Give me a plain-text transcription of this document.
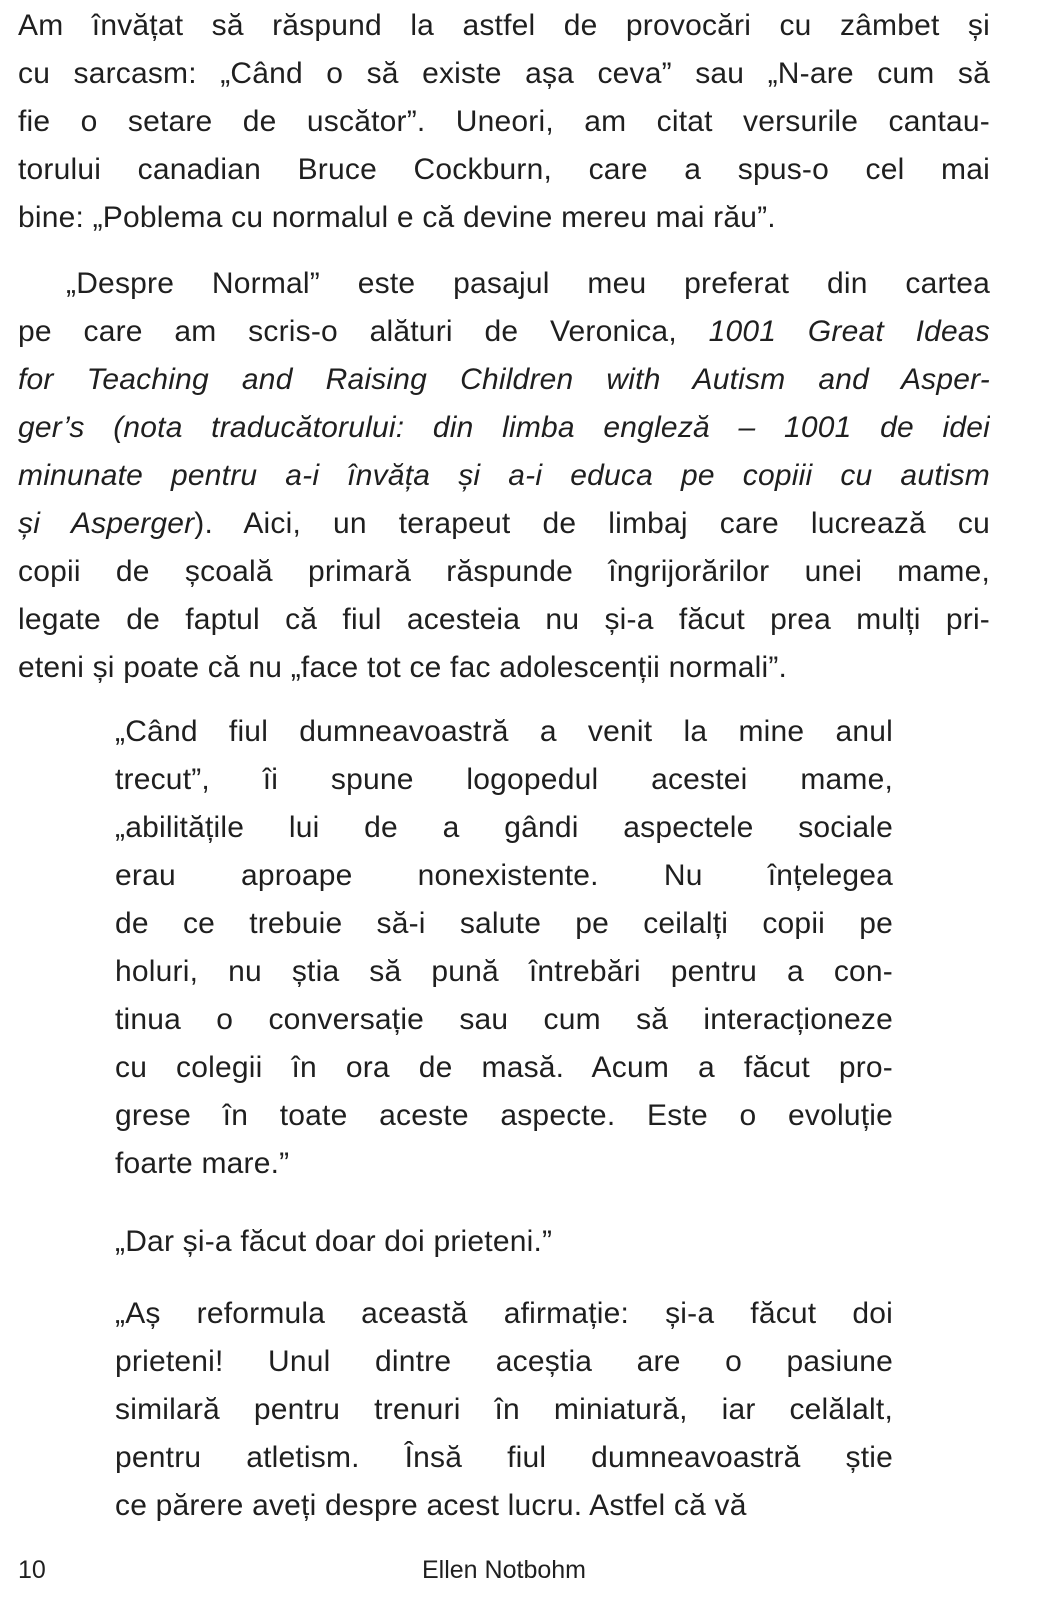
Am învățat să răspund la astfel de provocări cu zâmbet și
cu sarcasm: „Când o să existe așa ceva” sau „N-are cum să
fie o setare de uscător”. Uneori, am citat versurile cantau-
torului canadian Bruce Cockburn, care a spus-o cel mai
bine: „Poblema cu normalul e că devine mereu mai rău”.
„Despre Normal” este pasajul meu preferat din cartea
pe care am scris-o alături de Veronica, 1001 Great Ideas
for Teaching and Raising Children with Autism and Asper-
ger’s (nota traducătorului: din limba engleză – 1001 de idei
minunate pentru a-i învăța și a-i educa pe copiii cu autism
și Asperger). Aici, un terapeut de limbaj care lucrează cu
copii de școală primară răspunde îngrijorărilor unei mame,
legate de faptul că fiul acesteia nu și-a făcut prea mulți pri-
eteni și poate că nu „face tot ce fac adolescenții normali”.
„Când fiul dumneavoastră a venit la mine anul
trecut”, îi spune logopedul acestei mame,
„abilitățile lui de a gândi aspectele sociale
erau aproape nonexistente. Nu înțelegea
de ce trebuie să-i salute pe ceilalți copii pe
holuri, nu știa să pună întrebări pentru a con-
tinua o conversație sau cum să interacționeze
cu colegii în ora de masă. Acum a făcut pro-
grese în toate aceste aspecte. Este o evoluție
foarte mare.”
„Dar și-a făcut doar doi prieteni.”
„Aș reformula această afirmație: și-a făcut doi
prieteni! Unul dintre aceștia are o pasiune
similară pentru trenuri în miniatură, iar celălalt,
pentru atletism. Însă fiul dumneavoastră știe
ce părere aveți despre acest lucru. Astfel că vă
10	Ellen Notbohm
